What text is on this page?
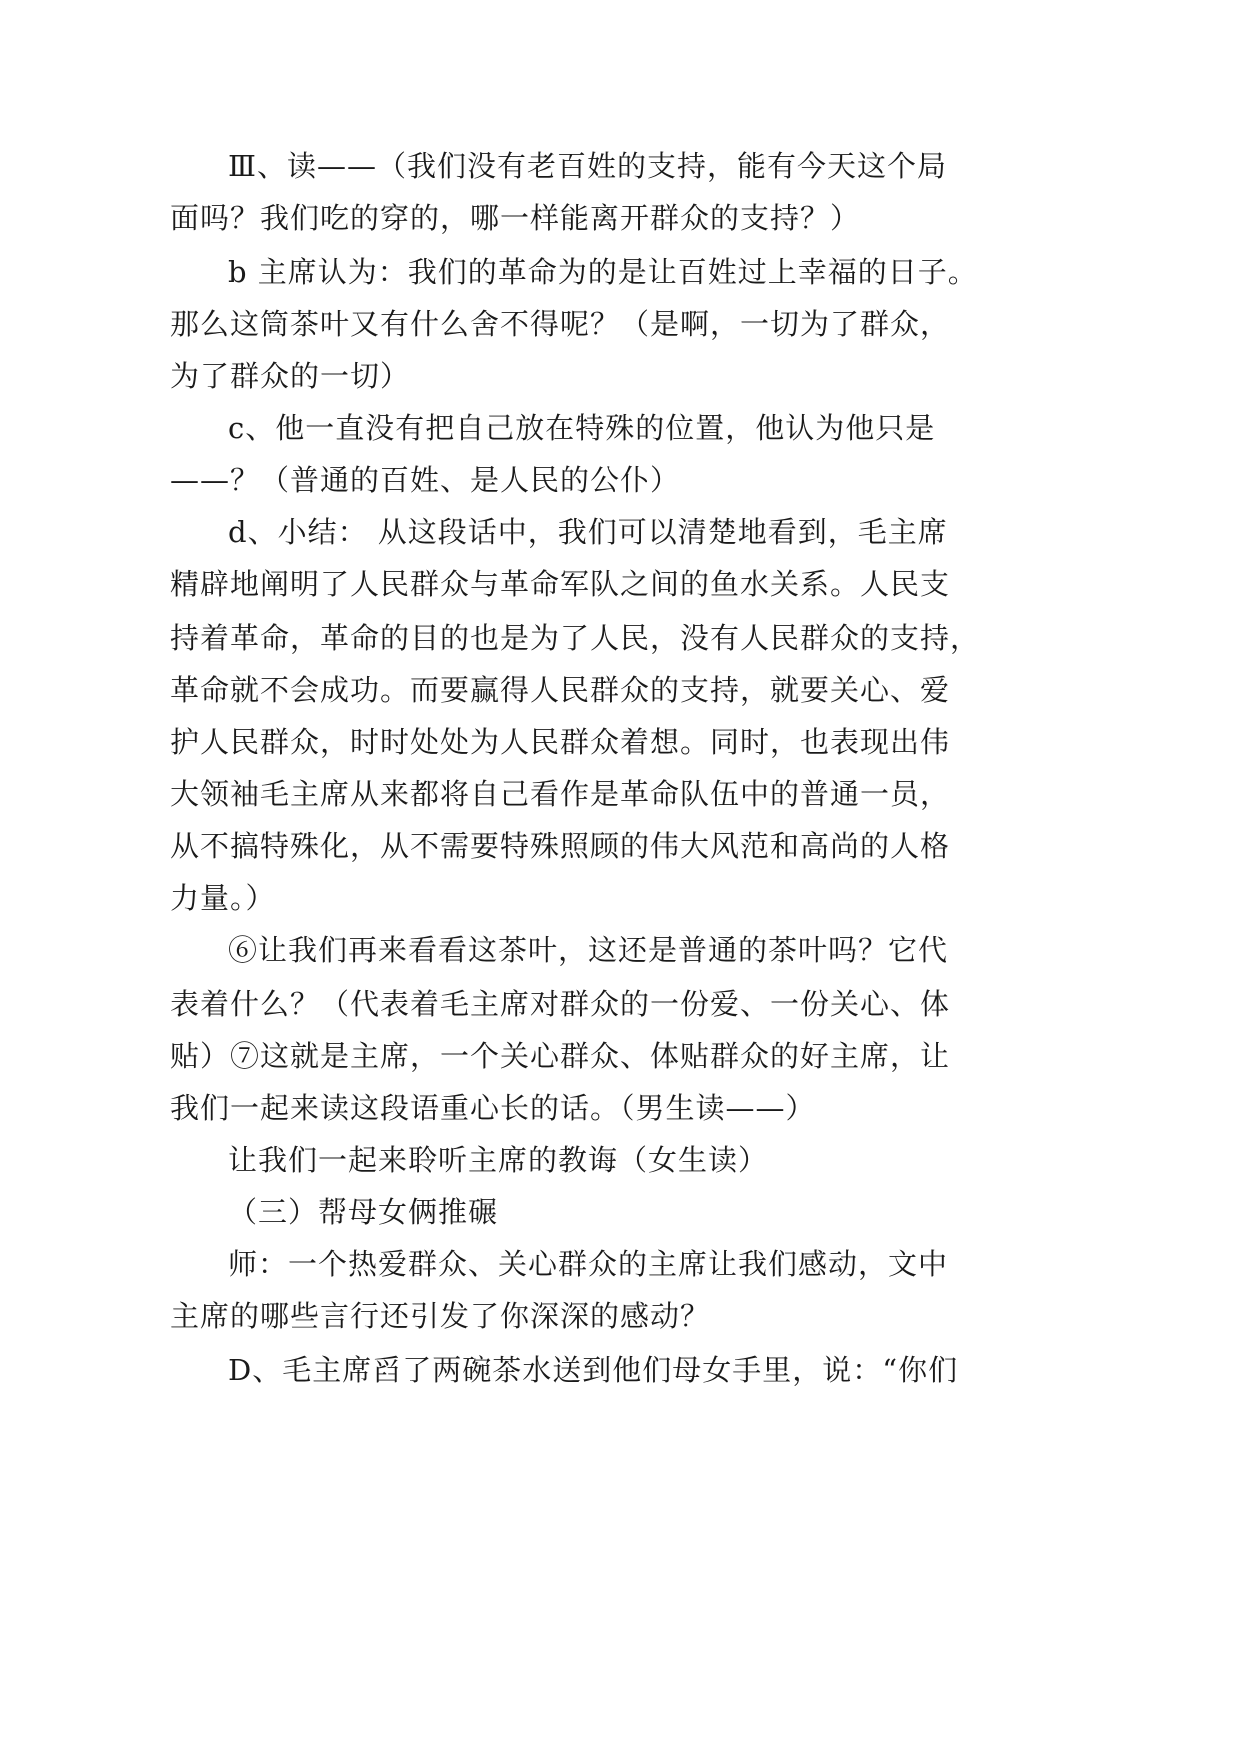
Ⅲ、读——（我们没有老百姓的支持，能有今天这个局
面吗？我们吃的穿的，哪一样能离开群众的支持？）
b 主席认为：我们的革命为的是让百姓过上幸福的日子。
那么这筒茶叶又有什么舍不得呢？（是啊，一切为了群众，
为了群众的一切）
c、他一直没有把自己放在特殊的位置，他认为他只是
——？（普通的百姓、是人民的公仆）
d、小结： 从这段话中，我们可以清楚地看到，毛主席
精辟地阐明了人民群众与革命军队之间的鱼水关系。人民支
持着革命，革命的目的也是为了人民，没有人民群众的支持，
革命就不会成功。而要赢得人民群众的支持，就要关心、爱
护人民群众，时时处处为人民群众着想。同时，也表现出伟
大领袖毛主席从来都将自己看作是革命队伍中的普通一员，
从不搞特殊化，从不需要特殊照顾的伟大风范和高尚的人格
力量。）
⑥让我们再来看看这茶叶，这还是普通的茶叶吗？它代
表着什么？（代表着毛主席对群众的一份爱、一份关心、体
贴）⑦这就是主席，一个关心群众、体贴群众的好主席，让
我们一起来读这段语重心长的话。（男生读——）
让我们一起来聆听主席的教诲（女生读）
（三）帮母女俩推碾
师：一个热爱群众、关心群众的主席让我们感动，文中
主席的哪些言行还引发了你深深的感动？
D、毛主席舀了两碗茶水送到他们母女手里，说：“你们
